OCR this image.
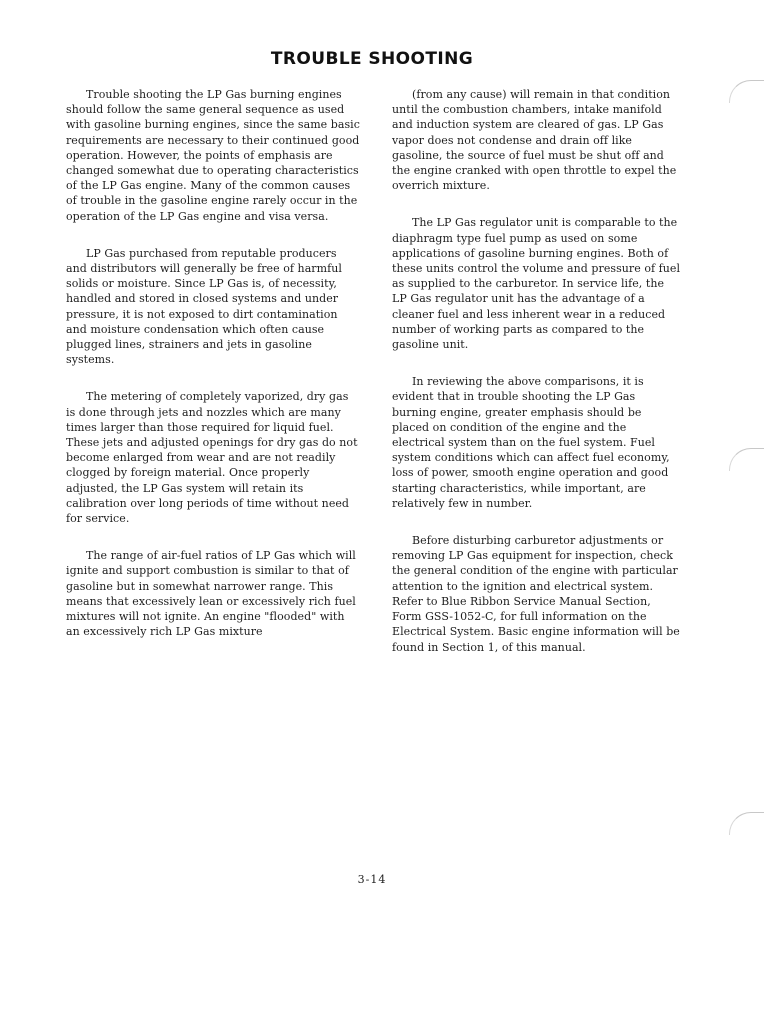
TROUBLE SHOOTING

Trouble shooting the LP Gas burning engines should follow the same general sequence as used with gasoline burning engines, since the same basic requirements are necessary to their continued good operation. However, the points of emphasis are changed somewhat due to operating characteristics of the LP Gas engine. Many of the common causes of trouble in the gasoline engine rarely occur in the operation of the LP Gas engine and visa versa.

LP Gas purchased from reputable producers and distributors will generally be free of harmful solids or moisture. Since LP Gas is, of necessity, handled and stored in closed systems and under pressure, it is not exposed to dirt contamination and moisture condensation which often cause plugged lines, strainers and jets in gasoline systems.

The metering of completely vaporized, dry gas is done through jets and nozzles which are many times larger than those required for liquid fuel. These jets and adjusted openings for dry gas do not become enlarged from wear and are not readily clogged by foreign material. Once properly adjusted, the LP Gas system will retain its calibration over long periods of time without need for service.

The range of air-fuel ratios of LP Gas which will ignite and support combustion is similar to that of gasoline but in somewhat narrower range. This means that excessively lean or excessively rich fuel mixtures will not ignite. An engine "flooded" with an excessively rich LP Gas mixture

(from any cause) will remain in that condition until the combustion chambers, intake manifold and induction system are cleared of gas. LP Gas vapor does not condense and drain off like gasoline, the source of fuel must be shut off and the engine cranked with open throttle to expel the overrich mixture.

The LP Gas regulator unit is comparable to the diaphragm type fuel pump as used on some applications of gasoline burning engines. Both of these units control the volume and pressure of fuel as supplied to the carburetor. In service life, the LP Gas regulator unit has the advantage of a cleaner fuel and less inherent wear in a reduced number of working parts as compared to the gasoline unit.

In reviewing the above comparisons, it is evident that in trouble shooting the LP Gas burning engine, greater emphasis should be placed on condition of the engine and the electrical system than on the fuel system. Fuel system conditions which can affect fuel economy, loss of power, smooth engine operation and good starting characteristics, while important, are relatively few in number.

Before disturbing carburetor adjustments or removing LP Gas equipment for inspection, check the general condition of the engine with particular attention to the ignition and electrical system. Refer to Blue Ribbon Service Manual Section, Form GSS-1052-C, for full information on the Electrical System. Basic engine information will be found in Section 1, of this manual.

3-14
